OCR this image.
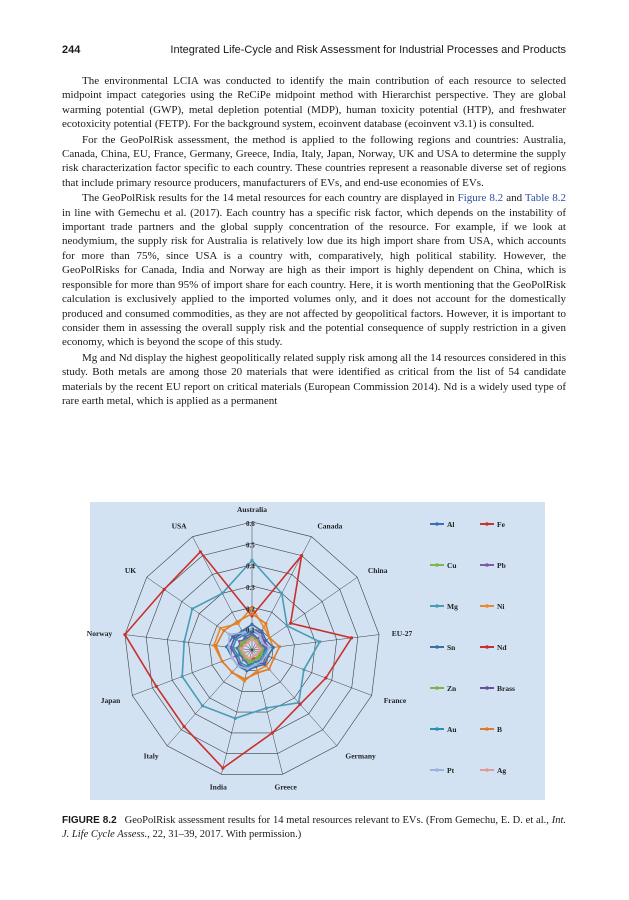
244	Integrated Life-Cycle and Risk Assessment for Industrial Processes and Products

The environmental LCIA was conducted to identify the main contribution of each resource to selected midpoint impact categories using the ReCiPe midpoint method with Hierarchist perspective. They are global warming potential (GWP), metal depletion potential (MDP), human toxicity potential (HTP), and freshwater ecotoxicity potential (FETP). For the background system, ecoinvent database (ecoinvent v3.1) is consulted.

For the GeoPolRisk assessment, the method is applied to the following regions and countries: Australia, Canada, China, EU, France, Germany, Greece, India, Italy, Japan, Norway, UK and USA to determine the supply risk characterization factor specific to each country. These countries represent a reasonable diverse set of regions that include primary resource producers, manufacturers of EVs, and end-use economies of EVs.

The GeoPolRisk results for the 14 metal resources for each country are displayed in Figure 8.2 and Table 8.2 in line with Gemechu et al. (2017). Each country has a specific risk factor, which depends on the instability of important trade partners and the global supply concentration of the resource. For example, if we look at neodymium, the supply risk for Australia is relatively low due its high import share from USA, which accounts for more than 75%, since USA is a country with, comparatively, high political stability. However, the GeoPolRisks for Canada, India and Norway are high as their import is highly dependent on China, which is responsible for more than 95% of import share for each country. Here, it is worth mentioning that the GeoPolRisk calculation is exclusively applied to the imported volumes only, and it does not account for the domestically produced and consumed commodities, as they are not affected by geopolitical factors. However, it is important to consider them in assessing the overall supply risk and the potential consequence of supply restriction in a given economy, which is beyond the scope of this study.

Mg and Nd display the highest geopolitically related supply risk among all the 14 resources considered in this study. Both metals are among those 20 materials that were identified as critical from the list of 54 candidate materials by the recent EU report on critical materials (European Commission 2014). Nd is a widely used type of rare earth metal, which is applied as a permanent

0.1
0.2
0.3
0.4
0.5
0.6
Australia
Canada
China
EU-27
France
Germany
Greece
India
Italy
Japan
Norway
UK
USA	Al	Fe
Cu	Pb
Mg	Ni
Sn	Nd
Zn	Brass
Au	B
Pt	Ag
FIGURE 8.2 GeoPolRisk assessment results for 14 metal resources relevant to EVs. (From Gemechu, E. D. et al., Int. J. Life Cycle Assess., 22, 31–39, 2017. With permission.)
